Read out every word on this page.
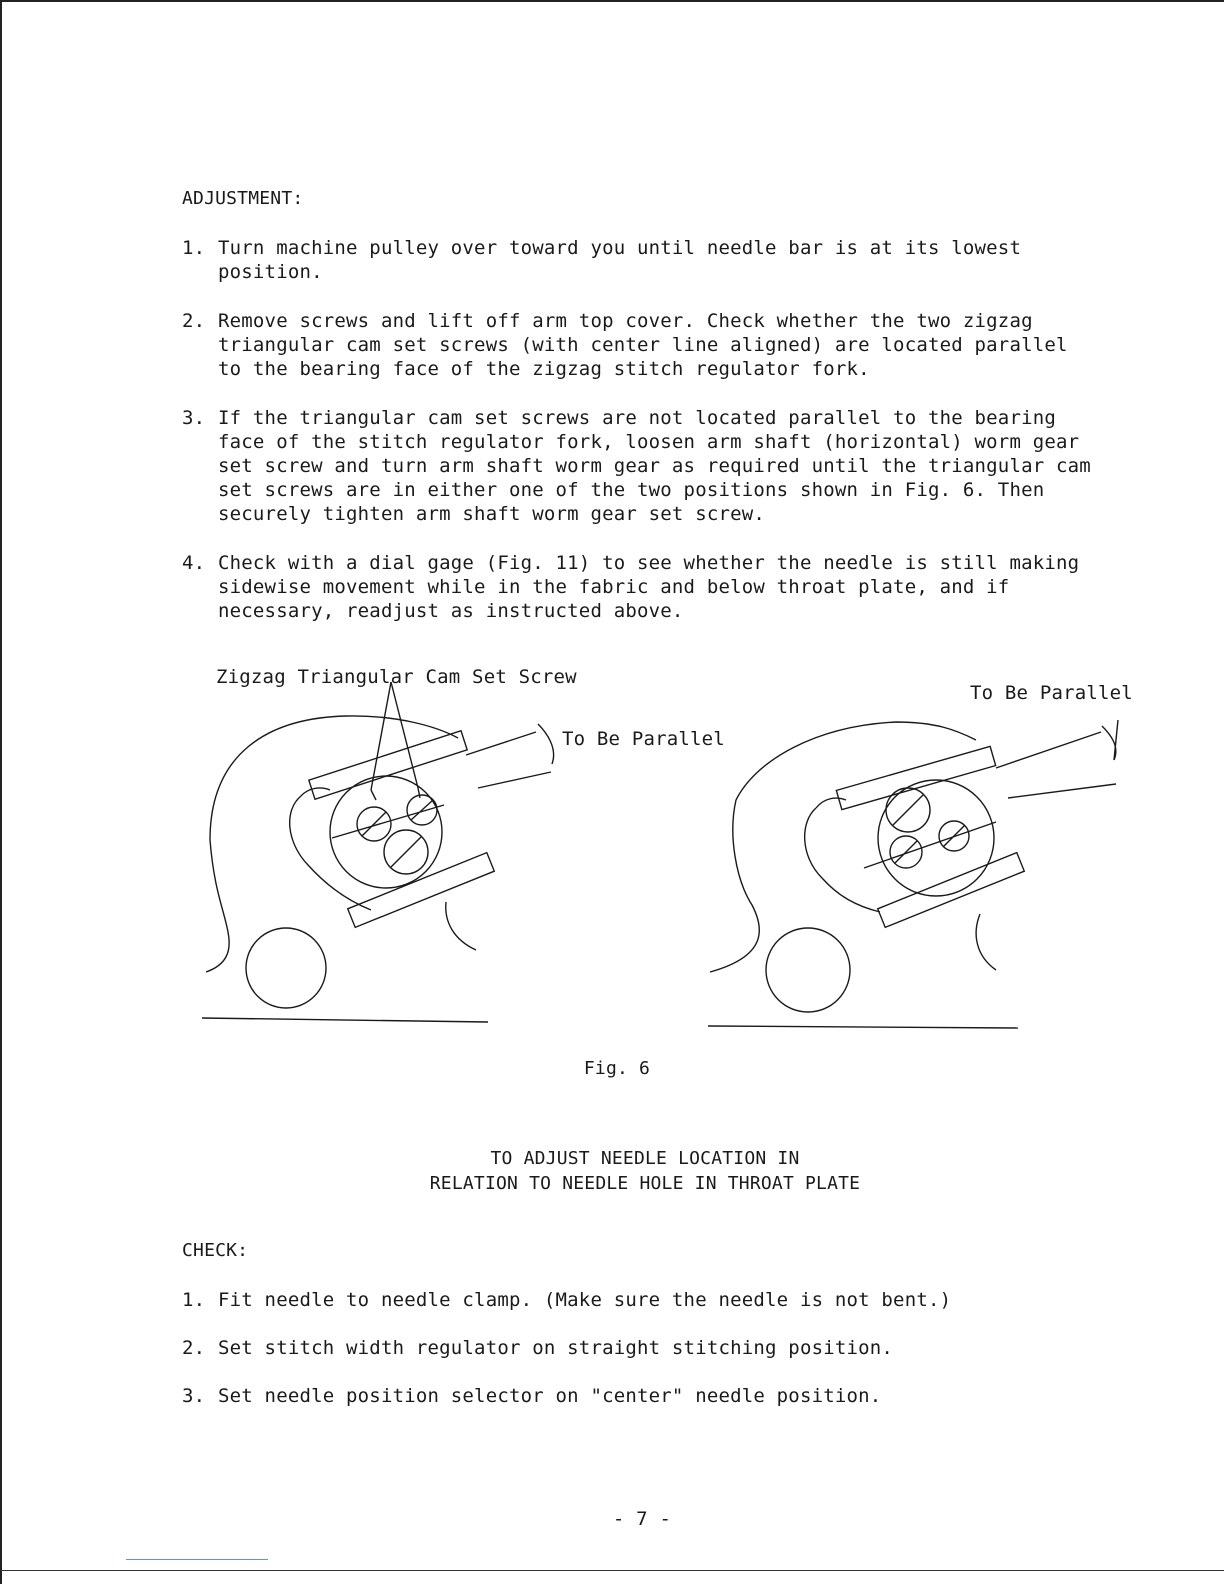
ADJUSTMENT:
1. Turn machine pulley over toward you until needle bar is at its lowest
position.
2. Remove screws and lift off arm top cover. Check whether the two zigzag
triangular cam set screws (with center line aligned) are located parallel
to the bearing face of the zigzag stitch regulator fork.
3. If the triangular cam set screws are not located parallel to the bearing
face of the stitch regulator fork, loosen arm shaft (horizontal) worm gear
set screw and turn arm shaft worm gear as required until the triangular cam
set screws are in either one of the two positions shown in Fig. 6. Then
securely tighten arm shaft worm gear set screw.
4. Check with a dial gage (Fig. 11) to see whether the needle is still making
sidewise movement while in the fabric and below throat plate, and if
necessary, readjust as instructed above.
Zigzag Triangular Cam Set Screw
To Be Parallel
To Be Parallel
Fig. 6
TO ADJUST NEEDLE LOCATION IN
RELATION TO NEEDLE HOLE IN THROAT PLATE
CHECK:
1. Fit needle to needle clamp. (Make sure the needle is not bent.)
2. Set stitch width regulator on straight stitching position.
3. Set needle position selector on "center" needle position.
- 7 -
